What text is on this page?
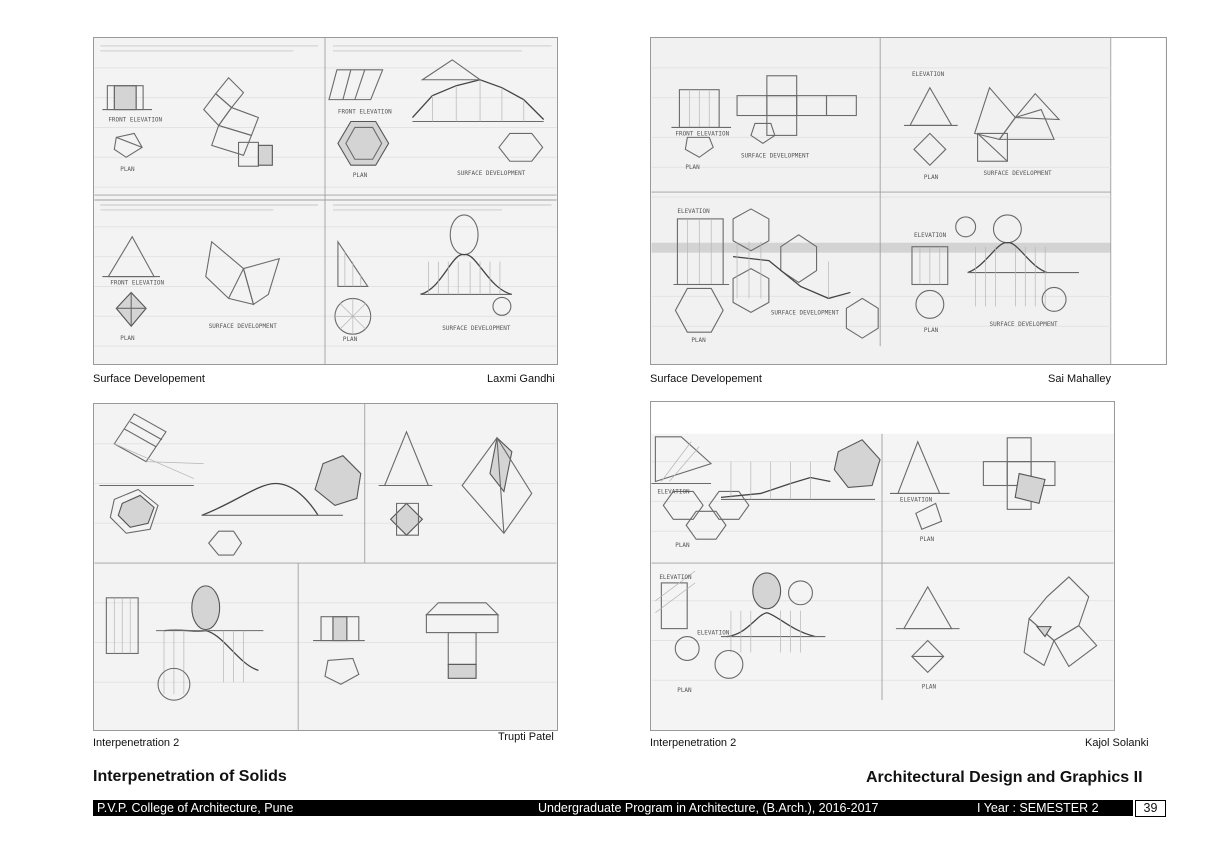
FRONT ELEVATION
PLAN
FRONT ELEVATION
PLAN	SURFACE DEVELOPMENT
FRONT ELEVATION
PLAN
SURFACE DEVELOPMENT
PLAN
SURFACE DEVELOPMENT
Surface Developement	Laxmi Gandhi
ELEVATION
FRONT ELEVATION
SURFACE DEVELOPMENT
PLAN
PLAN
SURFACE DEVELOPMENT
ELEVATION
SURFACE DEVELOPMENT
PLAN
ELEVATION
PLAN
SURFACE DEVELOPMENT
Surface Developement	Sai Mahalley
Interpenetration 2	Trupti Patel
ELEVATION
PLAN
ELEVATION
PLAN
ELEVATION
ELEVATION
PLAN
PLAN
Interpenetration 2	Kajol Solanki
Interpenetration of Solids	Architectural Design and Graphics II
P.V.P. College of Architecture, Pune	Undergraduate Program in Architecture, (B.Arch.), 2016-2017	I Year : SEMESTER 2	39
